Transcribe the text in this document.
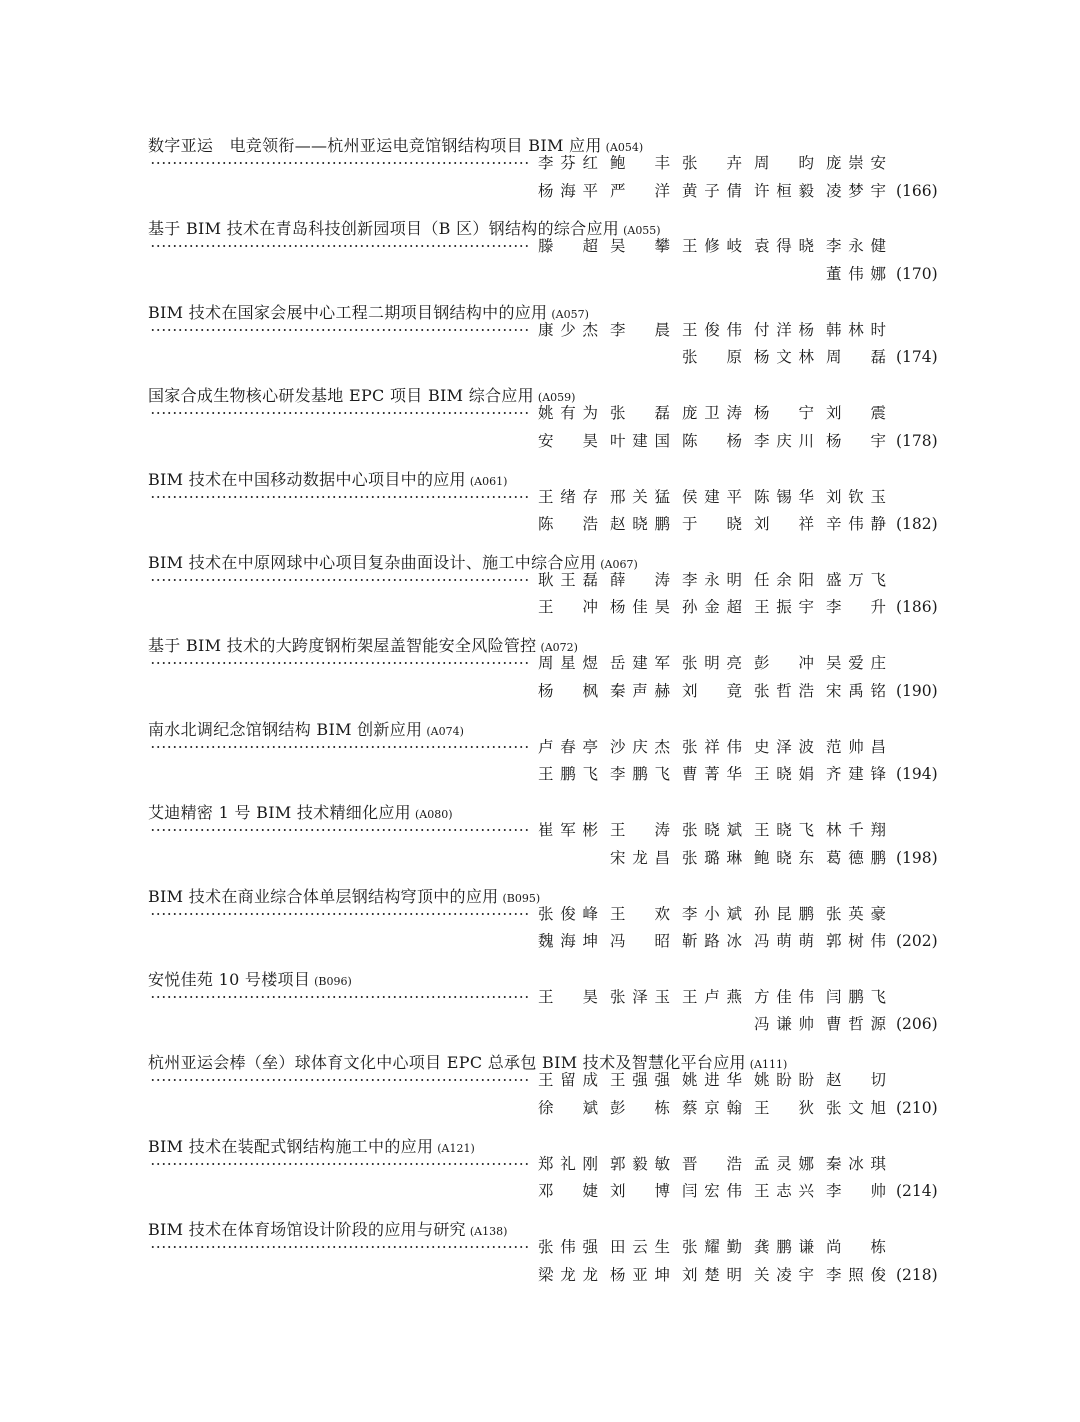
数字亚运　电竞领衔——杭州亚运电竞馆钢结构项目 BIM 应用 (A054)
李芬红 鲍　丰 张　卉 周　昀 庞崇安
杨海平 严　洋 黄子倩 许桓毅 凌梦宇 (166)
基于 BIM 技术在青岛科技创新园项目（B 区）钢结构的综合应用 (A055)
滕　超 吴　攀 王修岐 袁得晓 李永健
董伟娜 (170)
BIM 技术在国家会展中心工程二期项目钢结构中的应用 (A057)
康少杰 李　晨 王俊伟 付洋杨 韩林时
张　原 杨文林 周　磊 (174)
国家合成生物核心研发基地 EPC 项目 BIM 综合应用 (A059)
姚有为 张　磊 庞卫涛 杨　宁 刘　震
安　昊 叶建国 陈　杨 李庆川 杨　宇 (178)
BIM 技术在中国移动数据中心项目中的应用 (A061)
王绪存 邢关猛 侯建平 陈锡华 刘钦玉
陈　浩 赵晓鹏 于　晓 刘　祥 辛伟静 (182)
BIM 技术在中原网球中心项目复杂曲面设计、施工中综合应用 (A067)
耿王磊 薛　涛 李永明 任余阳 盛万飞
王　冲 杨佳昊 孙金超 王振宇 李　升 (186)
基于 BIM 技术的大跨度钢桁架屋盖智能安全风险管控 (A072)
周星煜 岳建军 张明亮 彭　冲 吴爱庄
杨　枫 秦声赫 刘　竟 张哲浩 宋禹铭 (190)
南水北调纪念馆钢结构 BIM 创新应用 (A074)
卢春亭 沙庆杰 张祥伟 史泽波 范帅昌
王鹏飞 李鹏飞 曹菁华 王晓娟 齐建锋 (194)
艾迪精密 1 号 BIM 技术精细化应用 (A080)
崔军彬 王　涛 张晓斌 王晓飞 林千翔
宋龙昌 张璐琳 鲍晓东 葛德鹏 (198)
BIM 技术在商业综合体单层钢结构穹顶中的应用 (B095)
张俊峰 王　欢 李小斌 孙昆鹏 张英豪
魏海坤 冯　昭 靳路冰 冯萌萌 郭树伟 (202)
安悦佳苑 10 号楼项目 (B096)
王　昊 张泽玉 王卢燕 方佳伟 闫鹏飞
冯谦帅 曹哲源 (206)
杭州亚运会棒（垒）球体育文化中心项目 EPC 总承包 BIM 技术及智慧化平台应用 (A111)
王留成 王强强 姚进华 姚盼盼 赵　切
徐　斌 彭　栋 蔡京翰 王　狄 张文旭 (210)
BIM 技术在装配式钢结构施工中的应用 (A121)
郑礼刚 郭毅敏 晋　浩 孟灵娜 秦冰琪
邓　婕 刘　博 闫宏伟 王志兴 李　帅 (214)
BIM 技术在体育场馆设计阶段的应用与研究 (A138)
张伟强 田云生 张耀勤 龚鹏谦 尚　栋
梁龙龙 杨亚坤 刘楚明 关凌宇 李照俊 (218)
